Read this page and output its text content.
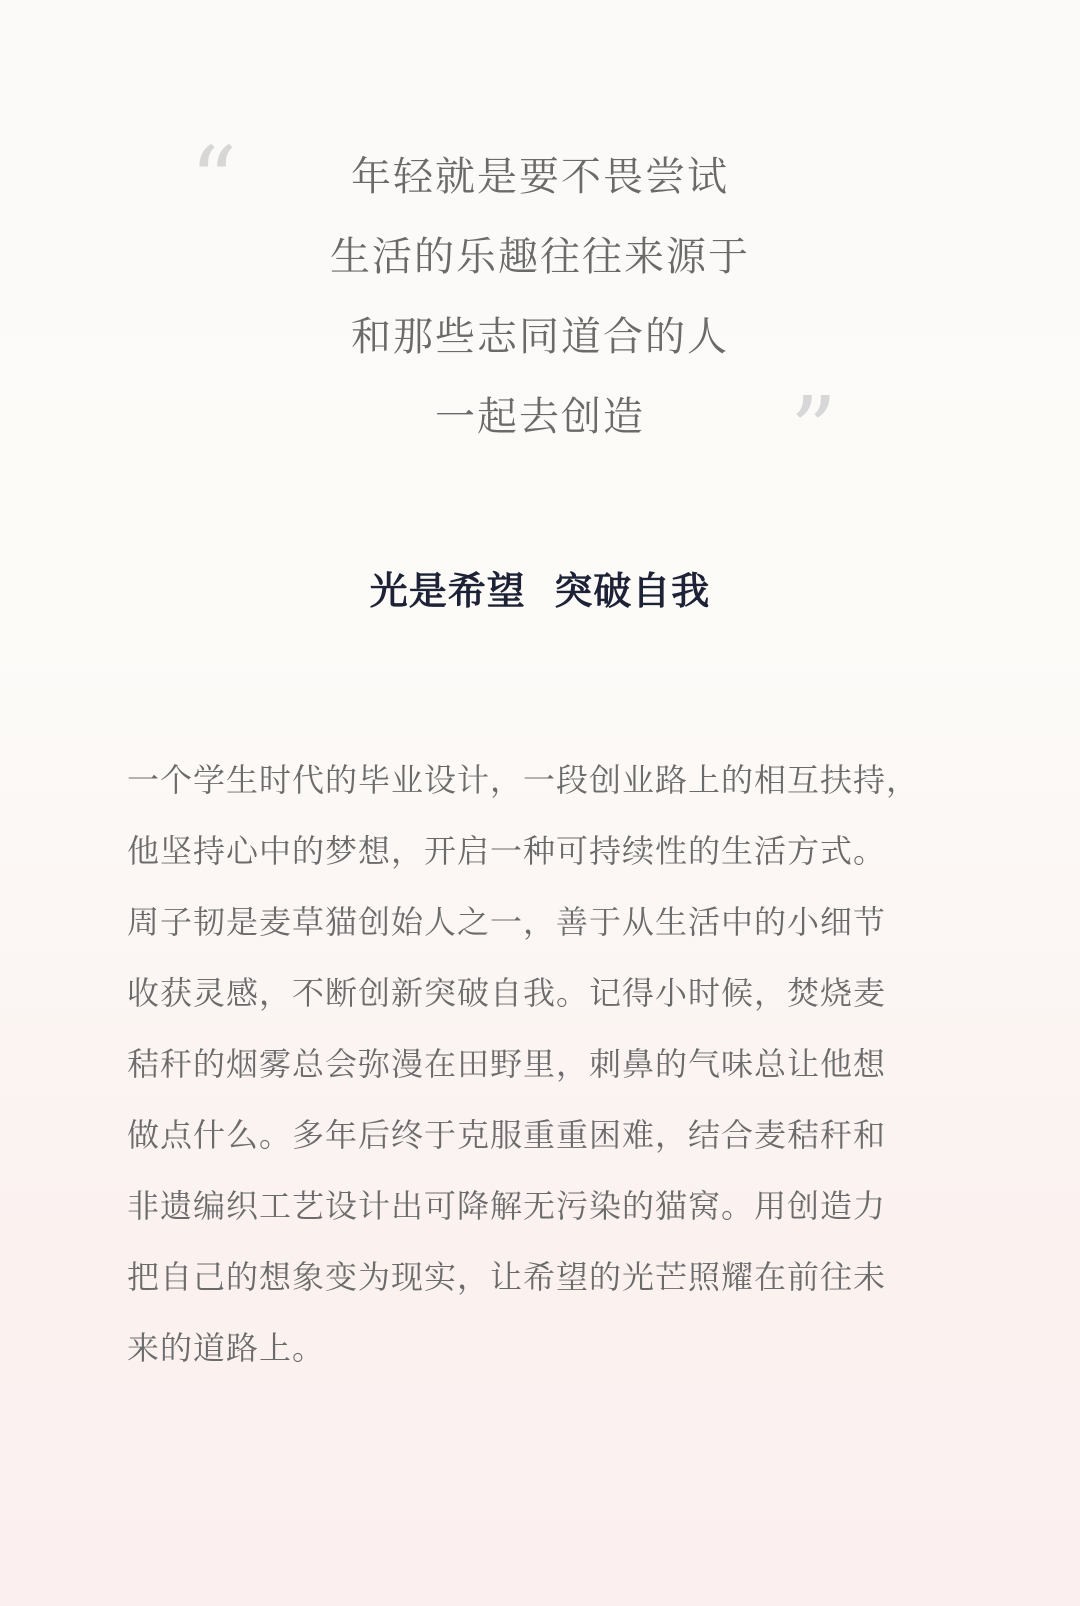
“	年轻就是要不畏尝试
生活的乐趣往往来源于
和那些志同道合的人
一起去创造	”
光是希望  突破自我
一个学生时代的毕业设计，一段创业路上的相互扶持，
他坚持心中的梦想，开启一种可持续性的生活方式。
周子韧是麦草猫创始人之一，善于从生活中的小细节
收获灵感，不断创新突破自我。记得小时候，焚烧麦
秸秆的烟雾总会弥漫在田野里，刺鼻的气味总让他想
做点什么。多年后终于克服重重困难，结合麦秸秆和
非遗编织工艺设计出可降解无污染的猫窝。用创造力
把自己的想象变为现实，让希望的光芒照耀在前往未
来的道路上。
